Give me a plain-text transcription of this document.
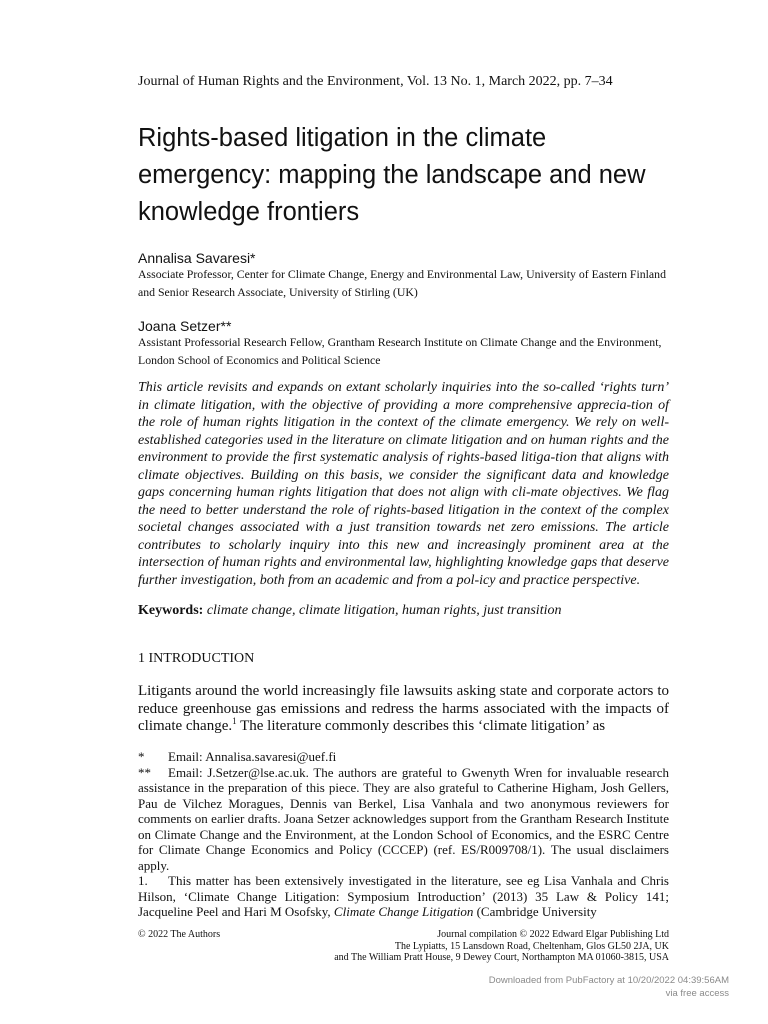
Journal of Human Rights and the Environment, Vol. 13 No. 1, March 2022, pp. 7–34
Rights-based litigation in the climate emergency: mapping the landscape and new knowledge frontiers
Annalisa Savaresi*
Associate Professor, Center for Climate Change, Energy and Environmental Law, University of Eastern Finland and Senior Research Associate, University of Stirling (UK)
Joana Setzer**
Assistant Professorial Research Fellow, Grantham Research Institute on Climate Change and the Environment, London School of Economics and Political Science

This article revisits and expands on extant scholarly inquiries into the so-called ‘rights turn’ in climate litigation, with the objective of providing a more comprehensive apprecia-tion of the role of human rights litigation in the context of the climate emergency. We rely on well-established categories used in the literature on climate litigation and on human rights and the environment to provide the first systematic analysis of rights-based litiga-tion that aligns with climate objectives. Building on this basis, we consider the significant data and knowledge gaps concerning human rights litigation that does not align with cli-mate objectives. We flag the need to better understand the role of rights-based litigation in the context of the complex societal changes associated with a just transition towards net zero emissions. The article contributes to scholarly inquiry into this new and increasingly prominent area at the intersection of human rights and environmental law, highlighting knowledge gaps that deserve further investigation, both from an academic and from a pol-icy and practice perspective.

Keywords: climate change, climate litigation, human rights, just transition
1 INTRODUCTION

Litigants around the world increasingly file lawsuits asking state and corporate actors to reduce greenhouse gas emissions and redress the harms associated with the impacts of climate change.$^1$ The literature commonly describes this ‘climate litigation’ as

* Email: Annalisa.savaresi@uef.fi

** Email: J.Setzer@lse.ac.uk. The authors are grateful to Gwenyth Wren for invaluable research assistance in the preparation of this piece. They are also grateful to Catherine Higham, Josh Gellers, Pau de Vilchez Moragues, Dennis van Berkel, Lisa Vanhala and two anonymous reviewers for comments on earlier drafts. Joana Setzer acknowledges support from the Grantham Research Institute on Climate Change and the Environment, at the London School of Economics, and the ESRC Centre for Climate Change Economics and Policy (CCCEP) (ref. ES/R009708/1). The usual disclaimers apply.

1. This matter has been extensively investigated in the literature, see eg Lisa Vanhala and Chris Hilson, ‘Climate Change Litigation: Symposium Introduction’ (2013) 35 Law & Policy 141; Jacqueline Peel and Hari M Osofsky, Climate Change Litigation (Cambridge University

© 2022 The Authors	Journal compilation © 2022 Edward Elgar Publishing Ltd
The Lypiatts, 15 Lansdown Road, Cheltenham, Glos GL50 2JA, UK
and The William Pratt House, 9 Dewey Court, Northampton MA 01060-3815, USA
Downloaded from PubFactory at 10/20/2022 04:39:56AM
via free access
